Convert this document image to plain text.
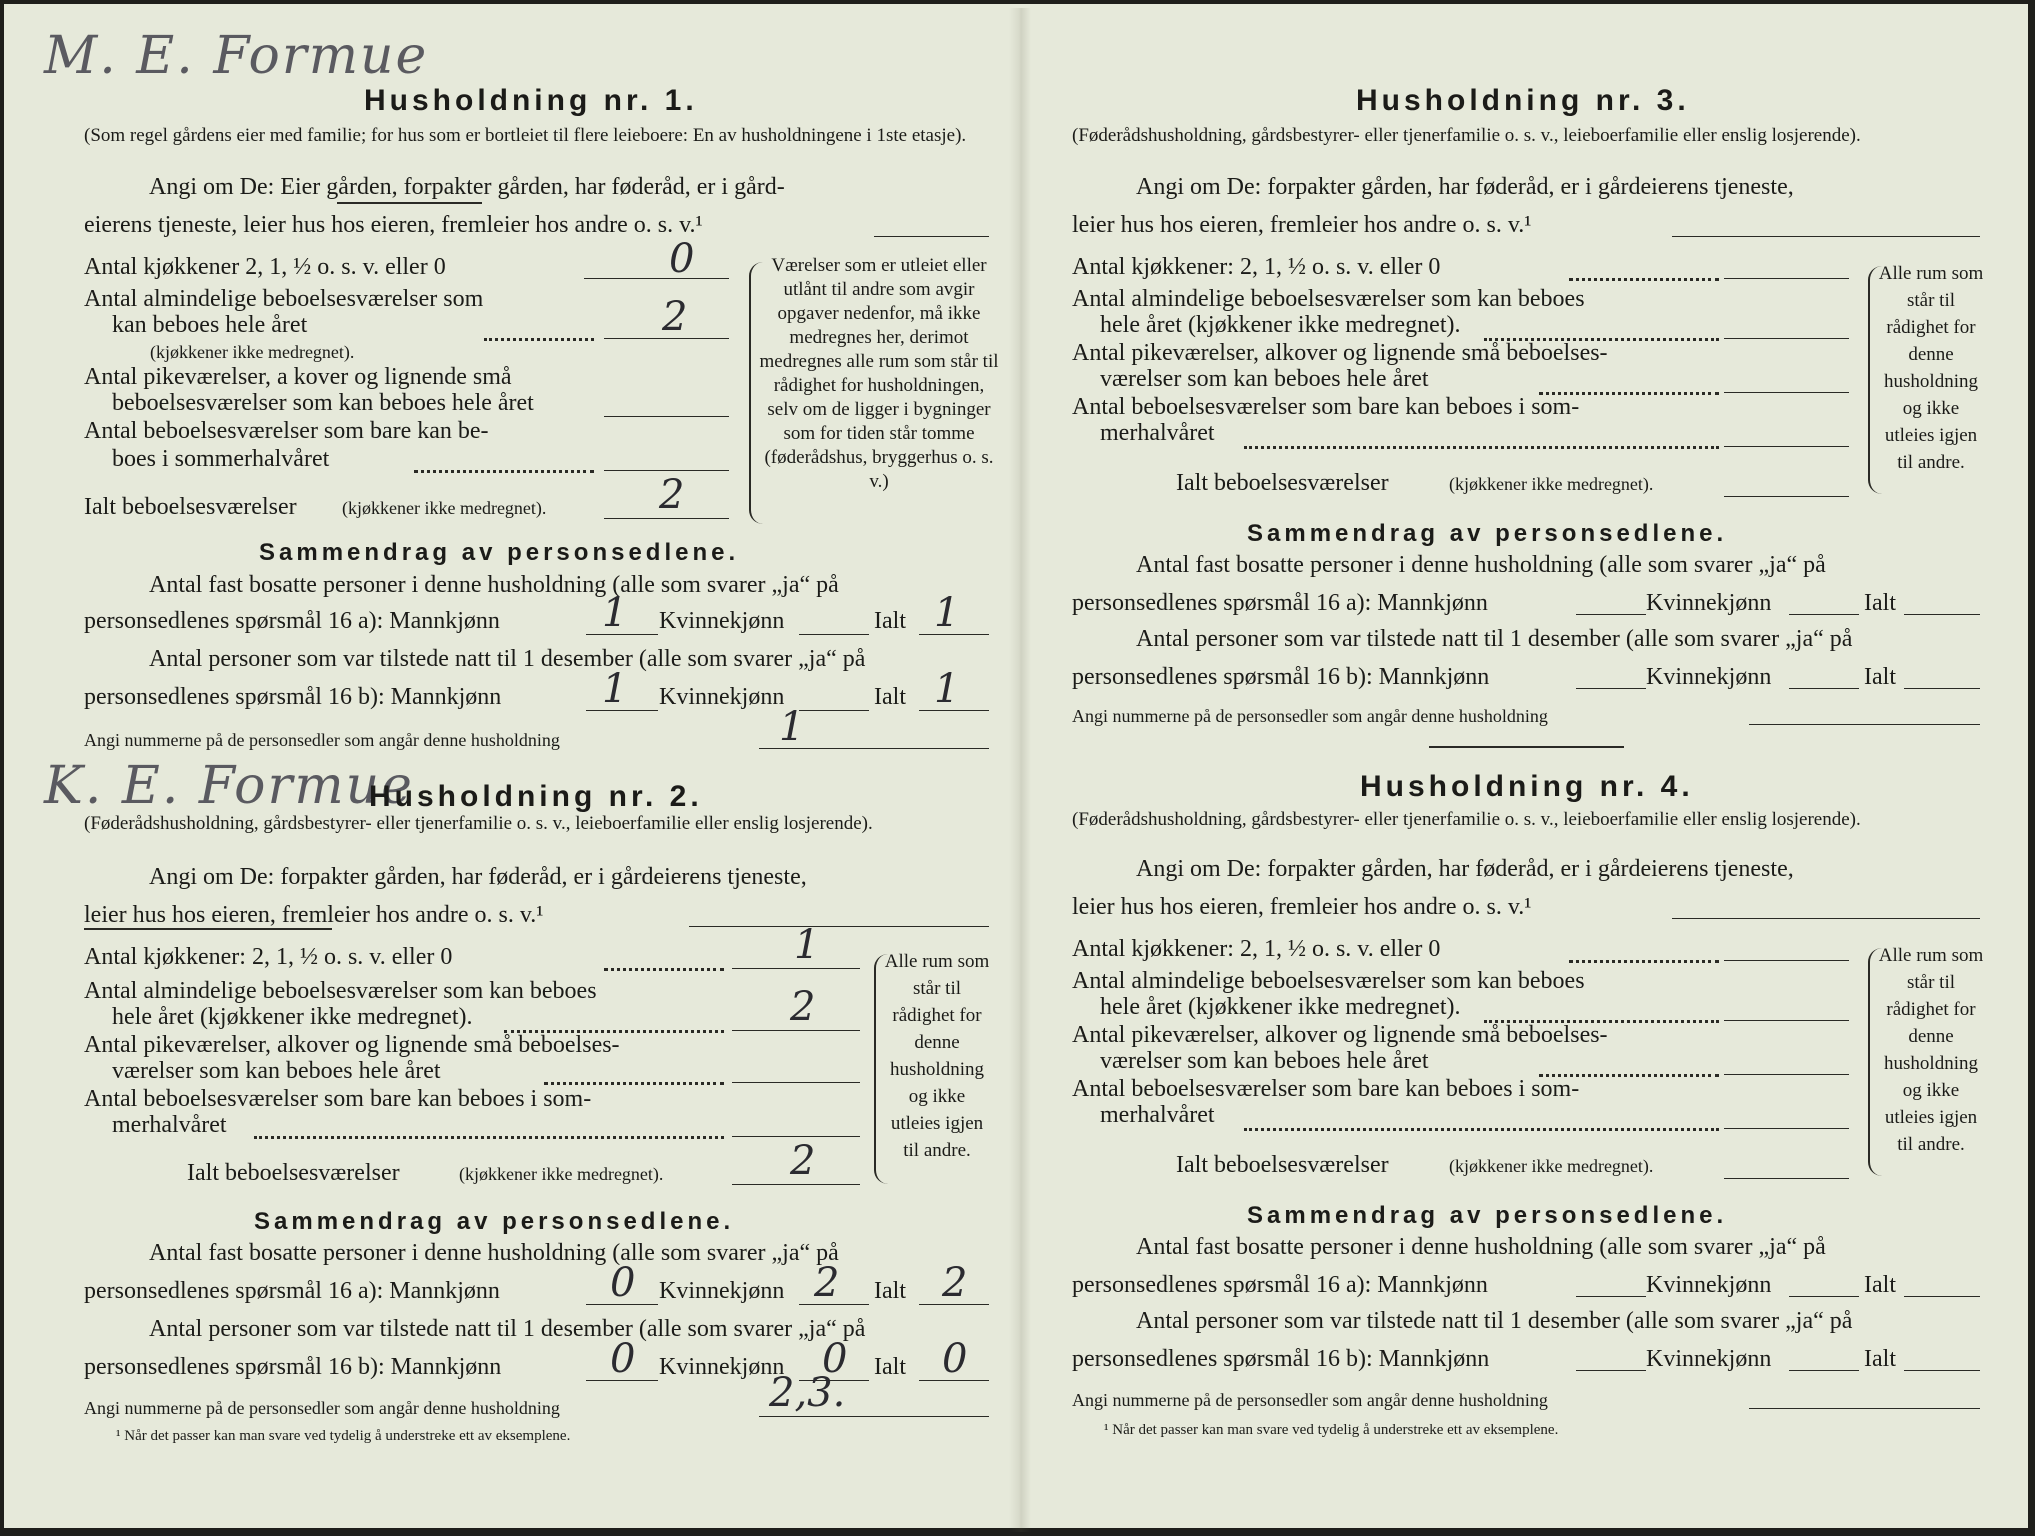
M. E. Formue
Husholdning nr. 1.
(Som regel gårdens eier med familie; for hus som er bortleiet til flere leieboere: En av husholdningene i 1ste etasje).
Angi om De: Eier gården, forpakter gården, har føderåd, er i gård-
eierens tjeneste, leier hus hos eieren, fremleier hos andre o. s. v.¹
Antal kjøkkener 2, 1, ½ o. s. v. eller 0	0
Antal almindelige beboelsesværelser som
kan beboes hele året	2
(kjøkkener ikke medregnet).
Antal pikeværelser, a kover og lignende små
beboelsesværelser som kan beboes hele året
Antal beboelsesværelser som bare kan be-
boes i sommerhalvåret
Ialt beboelsesværelser	(kjøkkener ikke medregnet).	2
Værelser som er utleiet eller utlånt til andre som avgir opgaver nedenfor, må ikke medregnes her, derimot medregnes alle rum som står til rådighet for husholdningen, selv om de ligger i bygninger som for tiden står tomme (føderådshus, bryggerhus o. s. v.)
Sammendrag av personsedlene.
Antal fast bosatte personer i denne husholdning (alle som svarer „ja“ på
personsedlenes spørsmål 16 a): Mannkjønn	1 Kvinnekjønn	Ialt 1
Antal personer som var tilstede natt til 1 desember (alle som svarer „ja“ på
personsedlenes spørsmål 16 b): Mannkjønn	1 Kvinnekjønn	Ialt 1
Angi nummerne på de personsedler som angår denne husholdning	1
K. E. Formue
Husholdning nr. 2.
(Føderådshusholdning, gårdsbestyrer- eller tjenerfamilie o. s. v., leieboerfamilie eller enslig losjerende).
Angi om De: forpakter gården, har føderåd, er i gårdeierens tjeneste,
leier hus hos eieren, fremleier hos andre o. s. v.¹
Antal kjøkkener: 2, 1, ½ o. s. v. eller 0	1
Antal almindelige beboelsesværelser som kan beboes
hele året (kjøkkener ikke medregnet).	2
Antal pikeværelser, alkover og lignende små beboelses-
værelser som kan beboes hele året
Antal beboelsesværelser som bare kan beboes i som-
merhalvåret
Ialt beboelsesværelser	(kjøkkener ikke medregnet).	2
Alle rum som står til rådighet for denne husholdning og ikke utleies igjen til andre.
Sammendrag av personsedlene.
Antal fast bosatte personer i denne husholdning (alle som svarer „ja“ på
personsedlenes spørsmål 16 a): Mannkjønn	0 Kvinnekjønn 2 Ialt 2
Antal personer som var tilstede natt til 1 desember (alle som svarer „ja“ på
personsedlenes spørsmål 16 b): Mannkjønn	0 Kvinnekjønn 0 Ialt 0
Angi nummerne på de personsedler som angår denne husholdning	2,3.
¹ Når det passer kan man svare ved tydelig å understreke ett av eksemplene.
Husholdning nr. 3.
(Føderådshusholdning, gårdsbestyrer- eller tjenerfamilie o. s. v., leieboerfamilie eller enslig losjerende).
Angi om De: forpakter gården, har føderåd, er i gårdeierens tjeneste,
leier hus hos eieren, fremleier hos andre o. s. v.¹
Antal kjøkkener: 2, 1, ½ o. s. v. eller 0
Antal almindelige beboelsesværelser som kan beboes
hele året (kjøkkener ikke medregnet).
Antal pikeværelser, alkover og lignende små beboelses-
værelser som kan beboes hele året
Antal beboelsesværelser som bare kan beboes i som-
merhalvåret
Ialt beboelsesværelser	(kjøkkener ikke medregnet).
Alle rum som står til rådighet for denne husholdning og ikke utleies igjen til andre.
Sammendrag av personsedlene.
Antal fast bosatte personer i denne husholdning (alle som svarer „ja“ på
personsedlenes spørsmål 16 a): Mannkjønn	Kvinnekjønn	Ialt
Antal personer som var tilstede natt til 1 desember (alle som svarer „ja“ på
personsedlenes spørsmål 16 b): Mannkjønn	Kvinnekjønn	Ialt
Angi nummerne på de personsedler som angår denne husholdning
Husholdning nr. 4.
(Føderådshusholdning, gårdsbestyrer- eller tjenerfamilie o. s. v., leieboerfamilie eller enslig losjerende).
Angi om De: forpakter gården, har føderåd, er i gårdeierens tjeneste,
leier hus hos eieren, fremleier hos andre o. s. v.¹
Antal kjøkkener: 2, 1, ½ o. s. v. eller 0
Antal almindelige beboelsesværelser som kan beboes
hele året (kjøkkener ikke medregnet).
Antal pikeværelser, alkover og lignende små beboelses-
værelser som kan beboes hele året
Antal beboelsesværelser som bare kan beboes i som-
merhalvåret
Ialt beboelsesværelser	(kjøkkener ikke medregnet).
Alle rum som står til rådighet for denne husholdning og ikke utleies igjen til andre.
Sammendrag av personsedlene.
Antal fast bosatte personer i denne husholdning (alle som svarer „ja“ på
personsedlenes spørsmål 16 a): Mannkjønn	Kvinnekjønn	Ialt
Antal personer som var tilstede natt til 1 desember (alle som svarer „ja“ på
personsedlenes spørsmål 16 b): Mannkjønn	Kvinnekjønn	Ialt
Angi nummerne på de personsedler som angår denne husholdning
¹ Når det passer kan man svare ved tydelig å understreke ett av eksemplene.
